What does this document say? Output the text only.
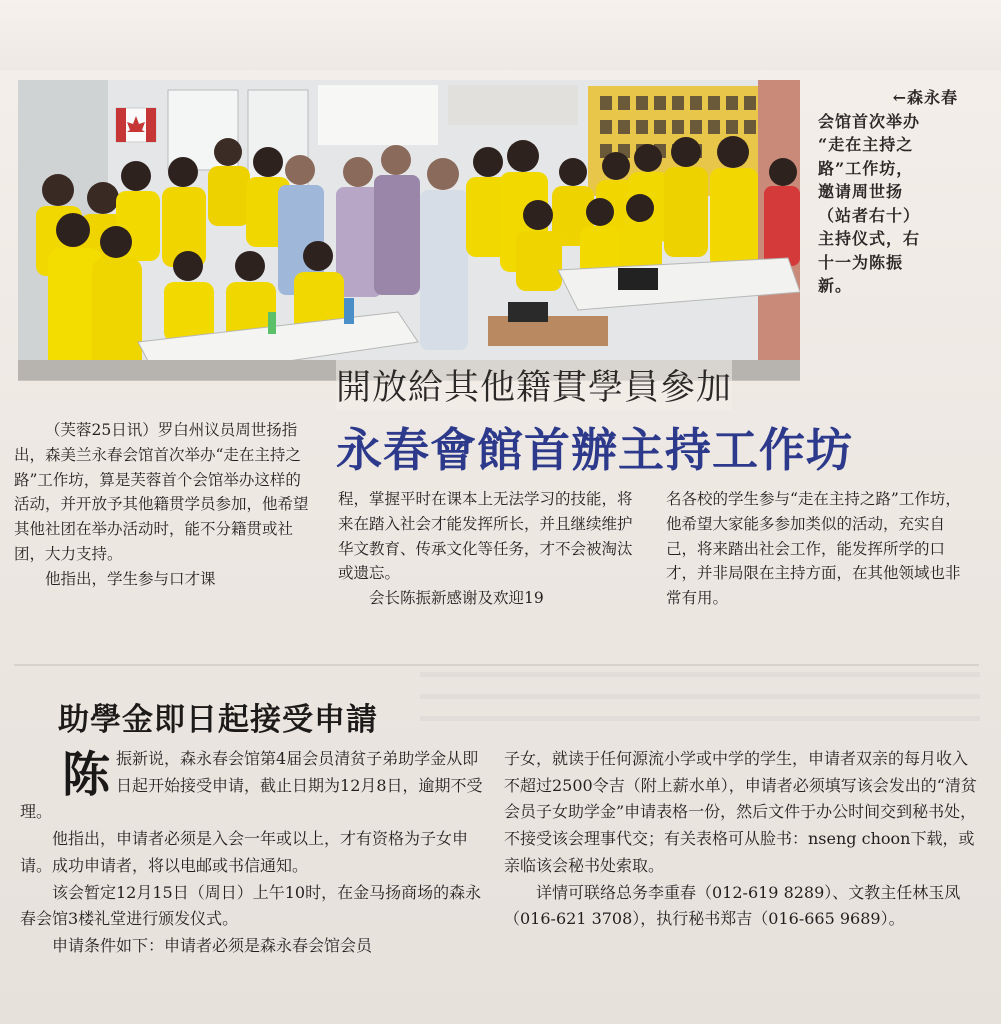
←森永春

会馆首次举办

“走在主持之

路”工作坊，

邀请周世扬

（站者右十）

主持仪式，右

十一为陈振

新。

開放給其他籍貫學員參加
永春會館首辦主持工作坊

（芙蓉25日讯）罗白州议员周世扬指出，森美兰永春会馆首次举办“走在主持之路”工作坊，算是芙蓉首个会馆举办这样的活动，并开放予其他籍贯学员参加，他希望其他社团在举办活动时，能不分籍贯或社团，大力支持。

他指出，学生参与口才课

程，掌握平时在课本上无法学习的技能，将来在踏入社会才能发挥所长，并且继续维护华文教育、传承文化等任务，才不会被淘汰或遗忘。

会长陈振新感谢及欢迎19

名各校的学生参与“走在主持之路”工作坊，他希望大家能多参加类似的活动，充实自己，将来踏出社会工作，能发挥所学的口才，并非局限在主持方面，在其他领域也非常有用。

助學金即日起接受申請

陈振新说，森永春会馆第4届会员清贫子弟助学金从即日起开始接受申请，截止日期为12月8日，逾期不受理。

他指出，申请者必须是入会一年或以上，才有资格为子女申请。成功申请者，将以电邮或书信通知。

该会暂定12月15日（周日）上午10时，在金马扬商场的森永春会馆3楼礼堂进行颁发仪式。

申请条件如下：申请者必须是森永春会馆会员

子女，就读于任何源流小学或中学的学生，申请者双亲的每月收入不超过2500令吉（附上薪水单），申请者必须填写该会发出的“清贫会员子女助学金”申请表格一份，然后文件于办公时间交到秘书处，不接受该会理事代交；有关表格可从脸书：nseng choon下载，或亲临该会秘书处索取。

详情可联络总务李重春（012-619 8289）、文教主任林玉凤（016-621 3708），执行秘书郑吉（016-665 9689）。
